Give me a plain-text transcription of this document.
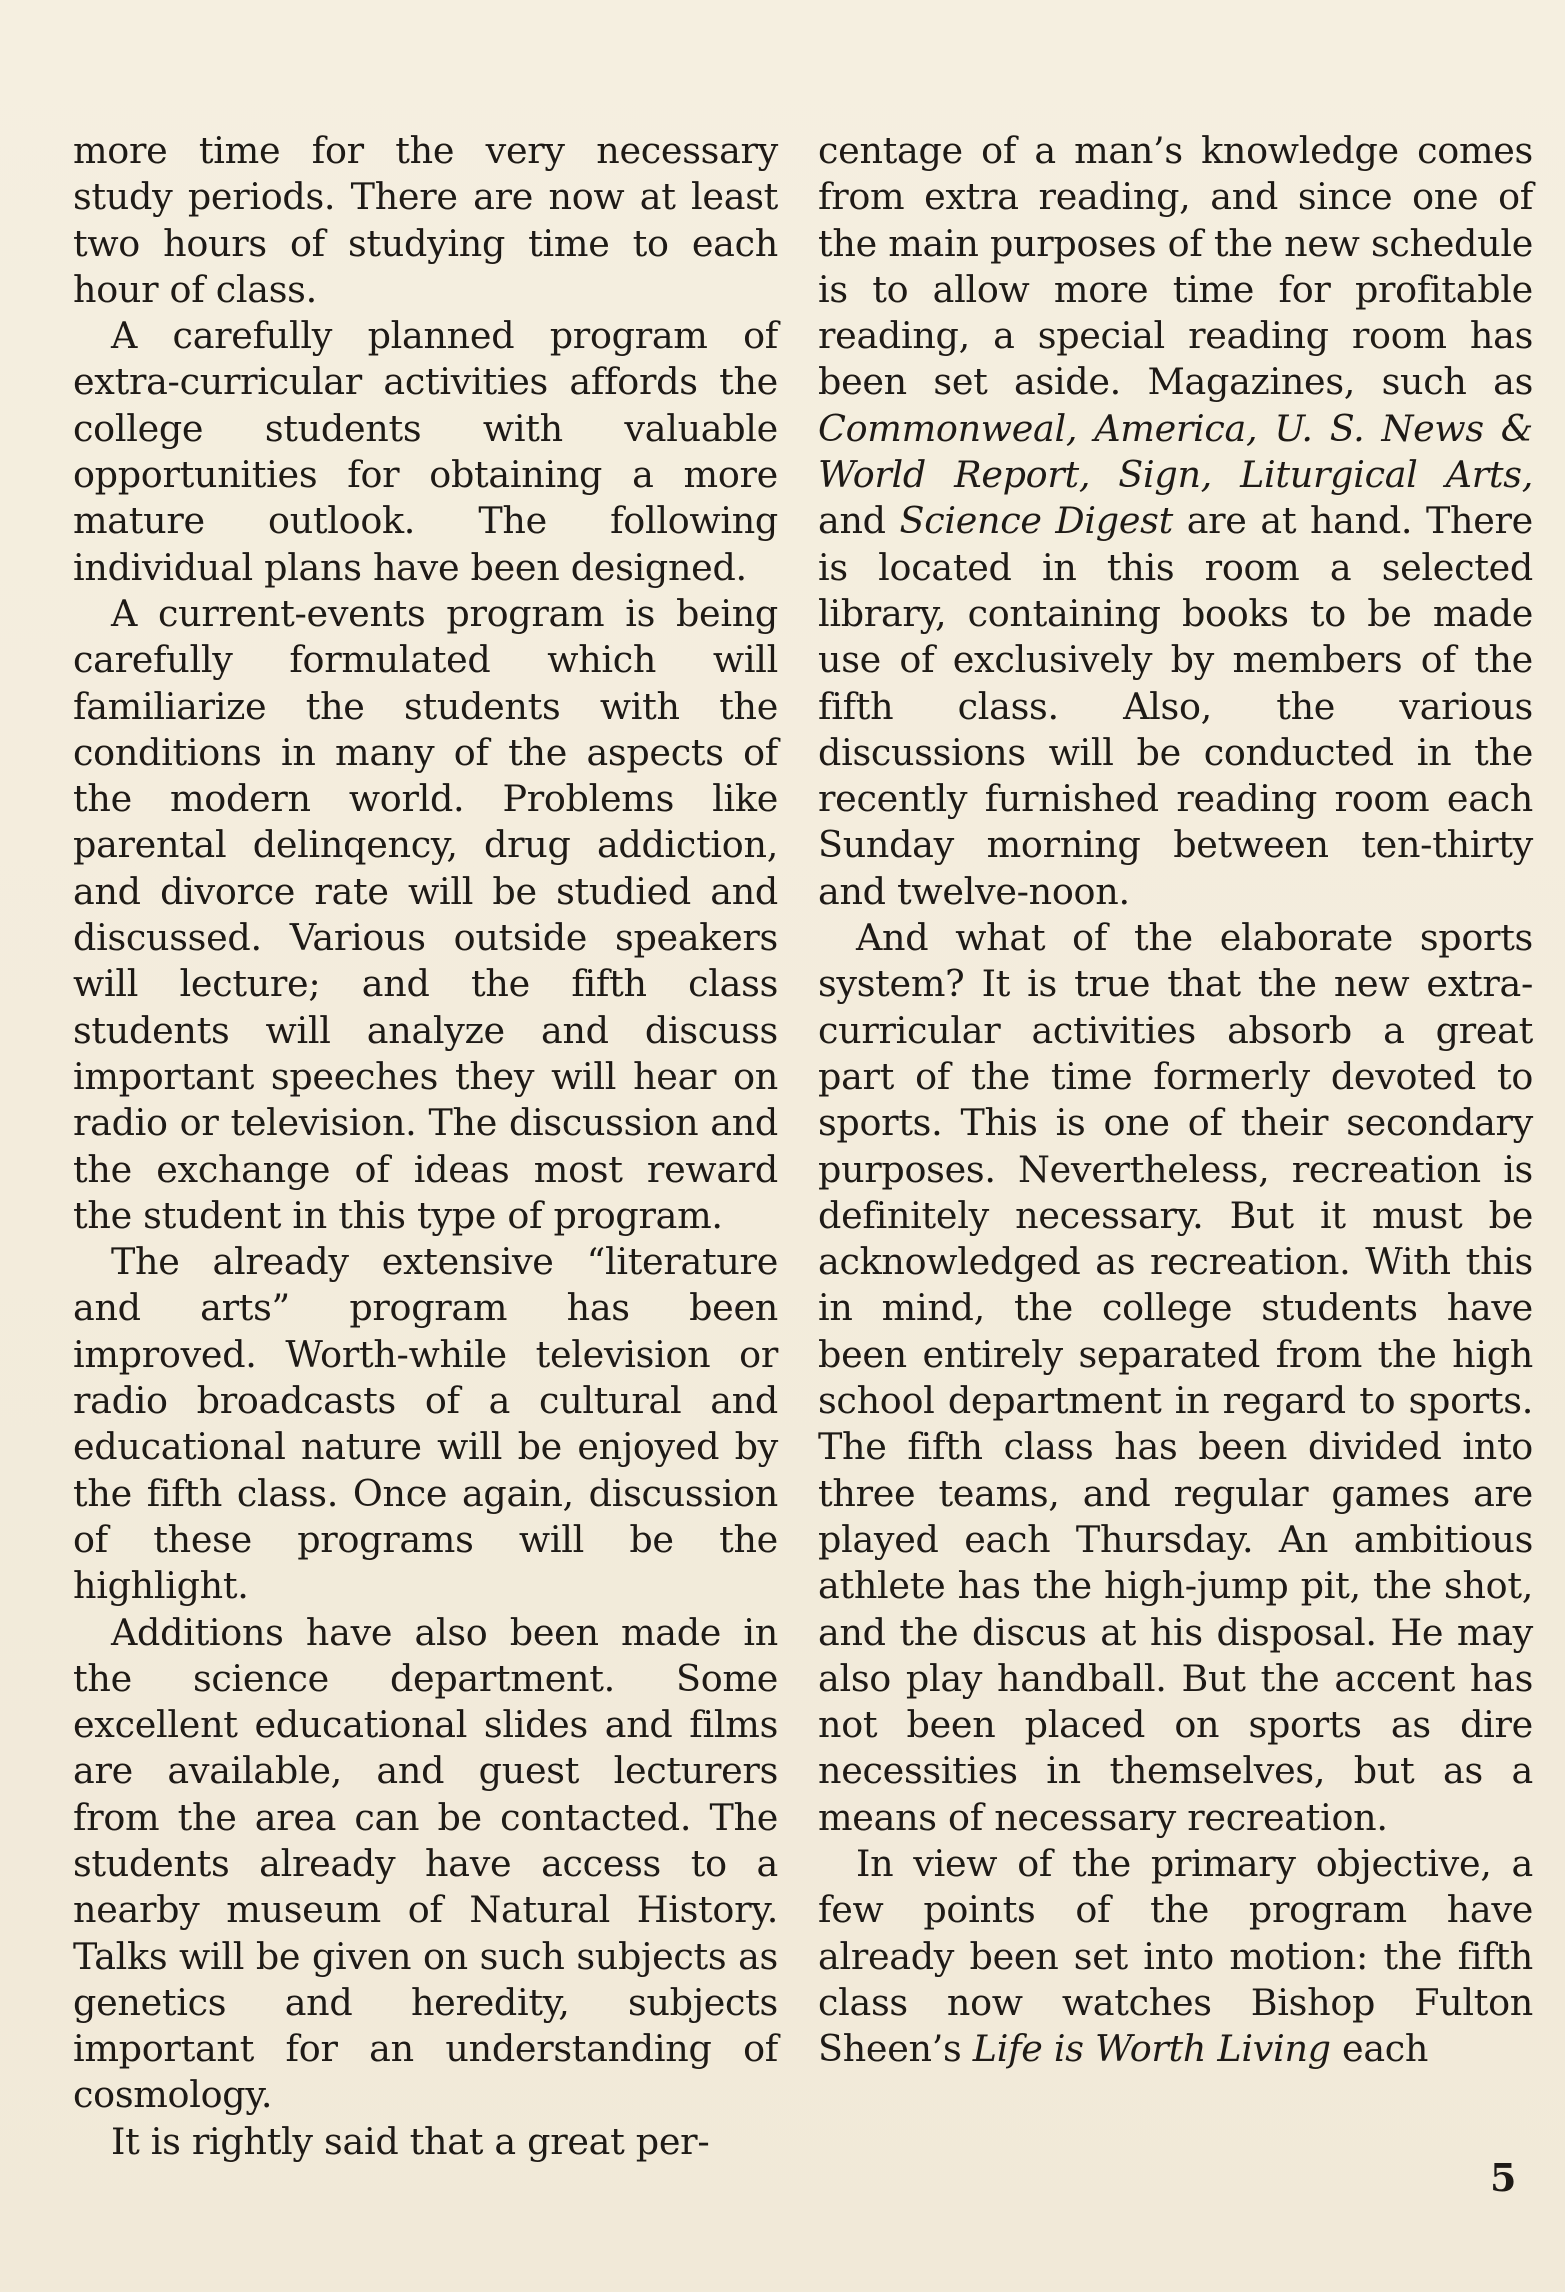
more time for the very necessary study periods. There are now at least two hours of studying time to each hour of class.

A carefully planned program of extra-curricular activities affords the college students with valuable opportunities for obtaining a more mature outlook. The following individual plans have been designed.

A current-events program is being carefully formulated which will familiarize the students with the conditions in many of the aspects of the modern world. Problems like parental delinqency, drug addiction, and divorce rate will be studied and discussed. Various outside speakers will lecture; and the fifth class students will analyze and discuss important speeches they will hear on radio or television. The discussion and the exchange of ideas most reward the student in this type of program.

The already extensive “literature and arts” program has been improved. Worth-while television or radio broadcasts of a cultural and educational nature will be enjoyed by the fifth class. Once again, discussion of these programs will be the highlight.

Additions have also been made in the science department. Some excellent educational slides and films are available, and guest lecturers from the area can be contacted. The students already have access to a nearby museum of Natural History. Talks will be given on such subjects as genetics and heredity, subjects important for an understanding of cosmology.

It is rightly said that a great per-

centage of a man’s knowledge comes from extra reading, and since one of the main purposes of the new schedule is to allow more time for profitable reading, a special reading room has been set aside. Magazines, such as Commonweal, America, U. S. News & World Report, Sign, Liturgical Arts, and Science Digest are at hand. There is located in this room a selected library, containing books to be made use of exclusively by members of the fifth class. Also, the various discussions will be conducted in the recently furnished reading room each Sunday morning between ten-thirty and twelve-noon.

And what of the elaborate sports system? It is true that the new extra-curricular activities absorb a great part of the time formerly devoted to sports. This is one of their secondary purposes. Nevertheless, recreation is definitely necessary. But it must be acknowledged as recreation. With this in mind, the college students have been entirely separated from the high school department in regard to sports. The fifth class has been divided into three teams, and regular games are played each Thursday. An ambitious athlete has the high-jump pit, the shot, and the discus at his disposal. He may also play handball. But the accent has not been placed on sports as dire necessities in themselves, but as a means of necessary recreation.

In view of the primary objective, a few points of the program have already been set into motion: the fifth class now watches Bishop Fulton Sheen’s Life is Worth Living each

5
